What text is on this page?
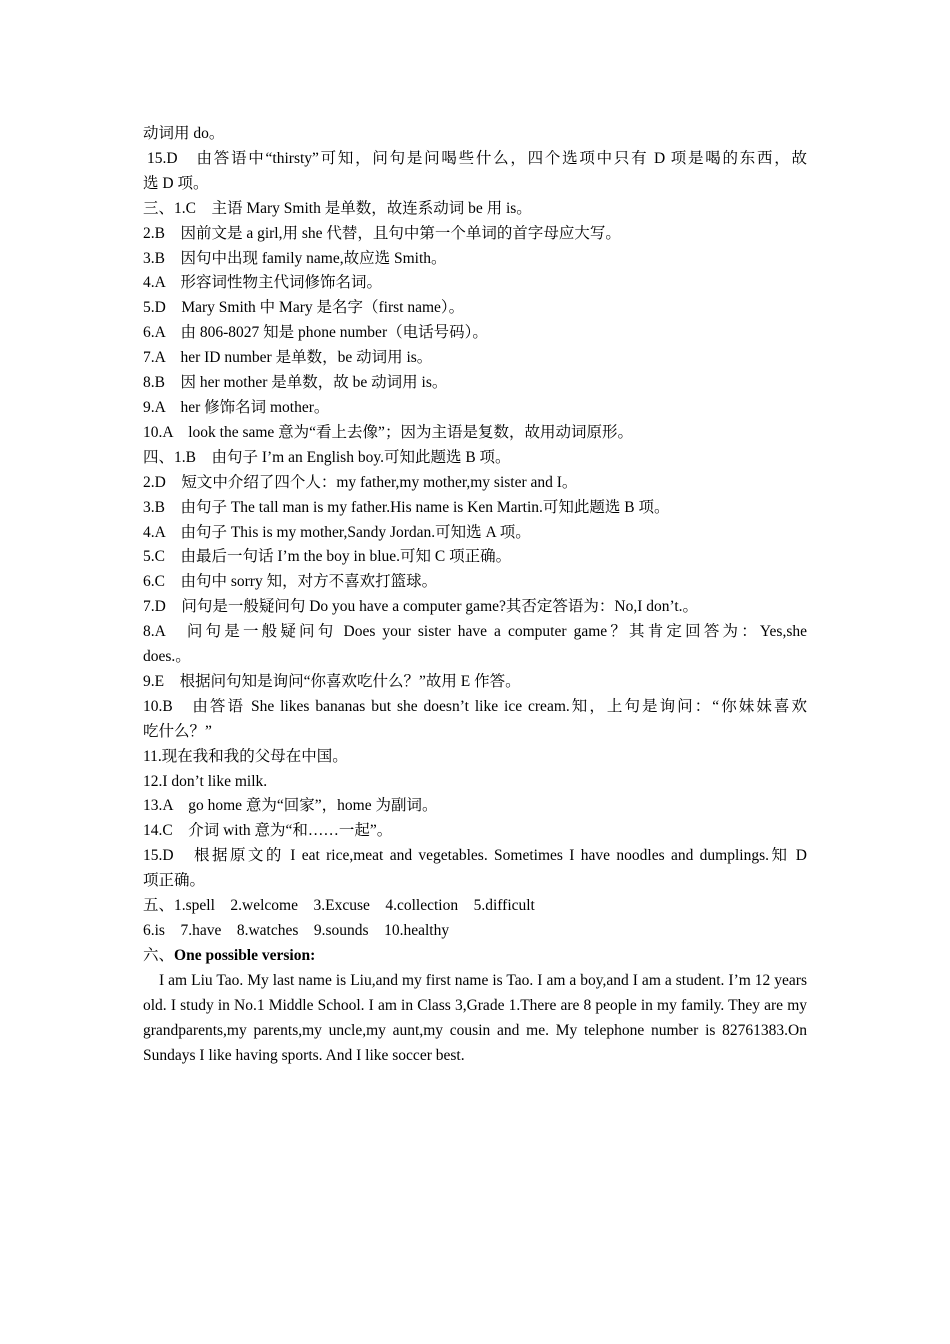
动词用 do。
15.D　由答语中“thirsty”可知，问句是问喝些什么，四个选项中只有 D 项是喝的东西，故
选 D 项。
三、1.C　主语 Mary Smith 是单数，故连系动词 be 用 is。
2.B　因前文是 a girl,用 she 代替，且句中第一个单词的首字母应大写。
3.B　因句中出现 family name,故应选 Smith。
4.A　形容词性物主代词修饰名词。
5.D　Mary Smith 中 Mary 是名字（first name）。
6.A　由 806-8027 知是 phone number（电话号码）。
7.A　her ID number 是单数，be 动词用 is。
8.B　因 her mother 是单数，故 be 动词用 is。
9.A　her 修饰名词 mother。
10.A　look the same 意为“看上去像”；因为主语是复数，故用动词原形。
四、1.B　由句子 I’m an English boy.可知此题选 B 项。
2.D　短文中介绍了四个人：my father,my mother,my sister and I。
3.B　由句子 The tall man is my father.His name is Ken Martin.可知此题选 B 项。
4.A　由句子 This is my mother,Sandy Jordan.可知选 A 项。
5.C　由最后一句话 I’m the boy in blue.可知 C 项正确。
6.C　由句中 sorry 知，对方不喜欢打篮球。
7.D　问句是一般疑问句 Do you have a computer game?其否定答语为：No,I don’t.。
8.A　问句是一般疑问句 Does your sister have a computer game？其肯定回答为：Yes,she
does.。
9.E　根据问句知是询问“你喜欢吃什么？”故用 E 作答。
10.B　由答语 She likes bananas but she doesn’t like ice cream.知，上句是询问：“你妹妹喜欢
吃什么？”
11.现在我和我的父母在中国。
12.I don’t like milk.
13.A　go home 意为“回家”，home 为副词。
14.C　介词 with 意为“和……一起”。
15.D　根据原文的 I eat rice,meat and vegetables. Sometimes I have noodles and dumplings.知 D
项正确。
五、1.spell　2.welcome　3.Excuse　4.collection　5.difficult
6.is　7.have　8.watches　9.sounds　10.healthy
六、One possible version:
I am Liu Tao. My last name is Liu,and my first name is Tao. I am a boy,and I am a student. I’m 12 years old. I study in No.1 Middle School. I am in Class 3,Grade 1.There are 8 people in my family. They are my grandparents,my parents,my uncle,my aunt,my cousin and me. My telephone number is 82761383.On Sundays I like having sports. And I like soccer best.
